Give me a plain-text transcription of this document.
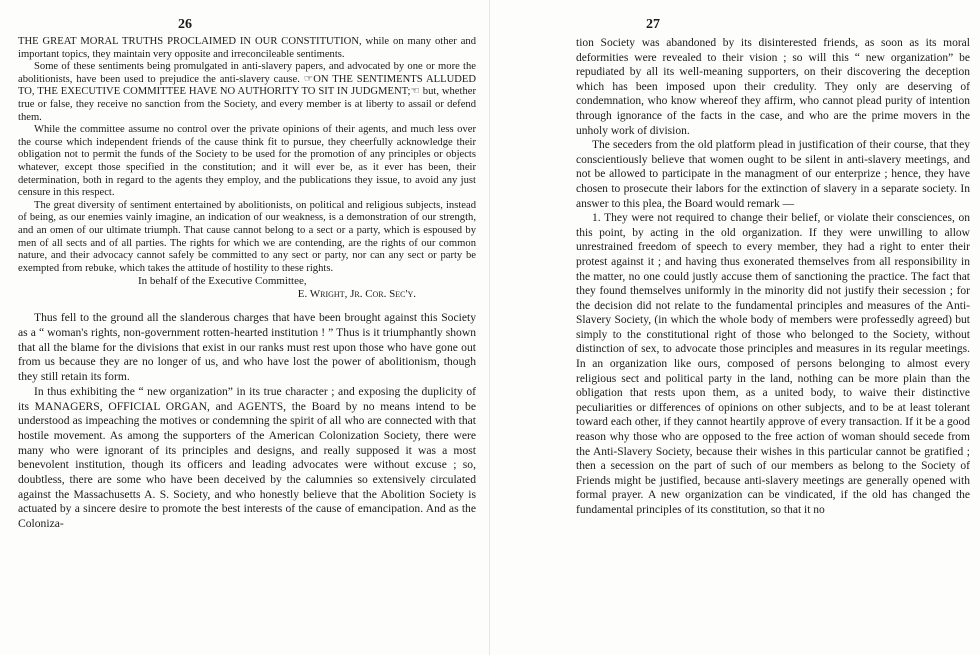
26

THE GREAT MORAL TRUTHS PROCLAIMED IN OUR CONSTITUTION, while on many other and important topics, they maintain very opposite and irreconcileable sentiments.

Some of these sentiments being promulgated in anti-slavery papers, and advocated by one or more the abolitionists, have been used to prejudice the anti-slavery cause. ☞ON THE SENTIMENTS ALLUDED TO, THE EXECUTIVE COMMITTEE HAVE NO AUTHORITY TO SIT IN JUDGMENT;☜ but, whether true or false, they receive no sanction from the Society, and every member is at liberty to assail or defend them.

While the committee assume no control over the private opinions of their agents, and much less over the course which independent friends of the cause think fit to pursue, they cheerfully acknowledge their obligation not to permit the funds of the Society to be used for the promotion of any principles or objects whatever, except those specified in the constitution; and it will ever be, as it ever has been, their determination, both in regard to the agents they employ, and the publications they issue, to avoid any just censure in this respect.

The great diversity of sentiment entertained by abolitionists, on political and religious subjects, instead of being, as our enemies vainly imagine, an indication of our weakness, is a demonstration of our strength, and an omen of our ultimate triumph. That cause cannot belong to a sect or a party, which is espoused by men of all sects and of all parties. The rights for which we are contending, are the rights of our common nature, and their advocacy cannot safely be committed to any sect or party, nor can any sect or party be exempted from rebuke, which takes the attitude of hostility to these rights.

In behalf of the Executive Committee,
E. Wright, Jr. Cor. Sec'y.

Thus fell to the ground all the slanderous charges that have been brought against this Society as a “ woman's rights, non-government rotten-hearted institution ! ” Thus is it triumphantly shown that all the blame for the divisions that exist in our ranks must rest upon those who have gone out from us because they are no longer of us, and who have lost the power of abolitionism, though they still retain its form.

In thus exhibiting the “ new organization” in its true character ; and exposing the duplicity of its MANAGERS, OFFICIAL ORGAN, and AGENTS, the Board by no means intend to be understood as impeaching the motives or condemning the spirit of all who are connected with that hostile movement. As among the supporters of the American Colonization Society, there were many who were ignorant of its principles and designs, and really supposed it was a most benevolent institution, though its officers and leading advocates were without excuse ; so, doubtless, there are some who have been deceived by the calumnies so extensively circulated against the Massachusetts A. S. Society, and who honestly believe that the Abolition Society is actuated by a sincere desire to promote the best interests of the cause of emancipation. And as the Coloniza-

27

tion Society was abandoned by its disinterested friends, as soon as its moral deformities were revealed to their vision ; so will this “ new organization” be repudiated by all its well-meaning supporters, on their discovering the deception which has been imposed upon their credulity. They only are deserving of condemnation, who know whereof they affirm, who cannot plead purity of intention through ignorance of the facts in the case, and who are the prime movers in the unholy work of division.

The seceders from the old platform plead in justification of their course, that they conscientiously believe that women ought to be silent in anti-slavery meetings, and not be allowed to participate in the managment of our enterprize ; hence, they have chosen to prosecute their labors for the extinction of slavery in a separate society. In answer to this plea, the Board would remark —

1. They were not required to change their belief, or violate their consciences, on this point, by acting in the old organization. If they were unwilling to allow unrestrained freedom of speech to every member, they had a right to enter their protest against it ; and having thus exonerated themselves from all responsibility in the matter, no one could justly accuse them of sanctioning the practice. The fact that they found themselves uniformly in the minority did not justify their secession ; for the decision did not relate to the fundamental principles and measures of the Anti-Slavery Society, (in which the whole body of members were professedly agreed) but simply to the constitutional right of those who belonged to the Society, without distinction of sex, to advocate those principles and measures in its regular meetings. In an organization like ours, composed of persons belonging to almost every religious sect and political party in the land, nothing can be more plain than the obligation that rests upon them, as a united body, to waive their distinctive peculiarities or differences of opinions on other subjects, and to be at least tolerant toward each other, if they cannot heartily approve of every transaction. If it be a good reason why those who are opposed to the free action of woman should secede from the Anti-Slavery Society, because their wishes in this particular cannot be gratified ; then a secession on the part of such of our members as belong to the Society of Friends might be justified, because anti-slavery meetings are generally opened with formal prayer. A new organization can be vindicated, if the old has changed the fundamental principles of its constitution, so that it no
